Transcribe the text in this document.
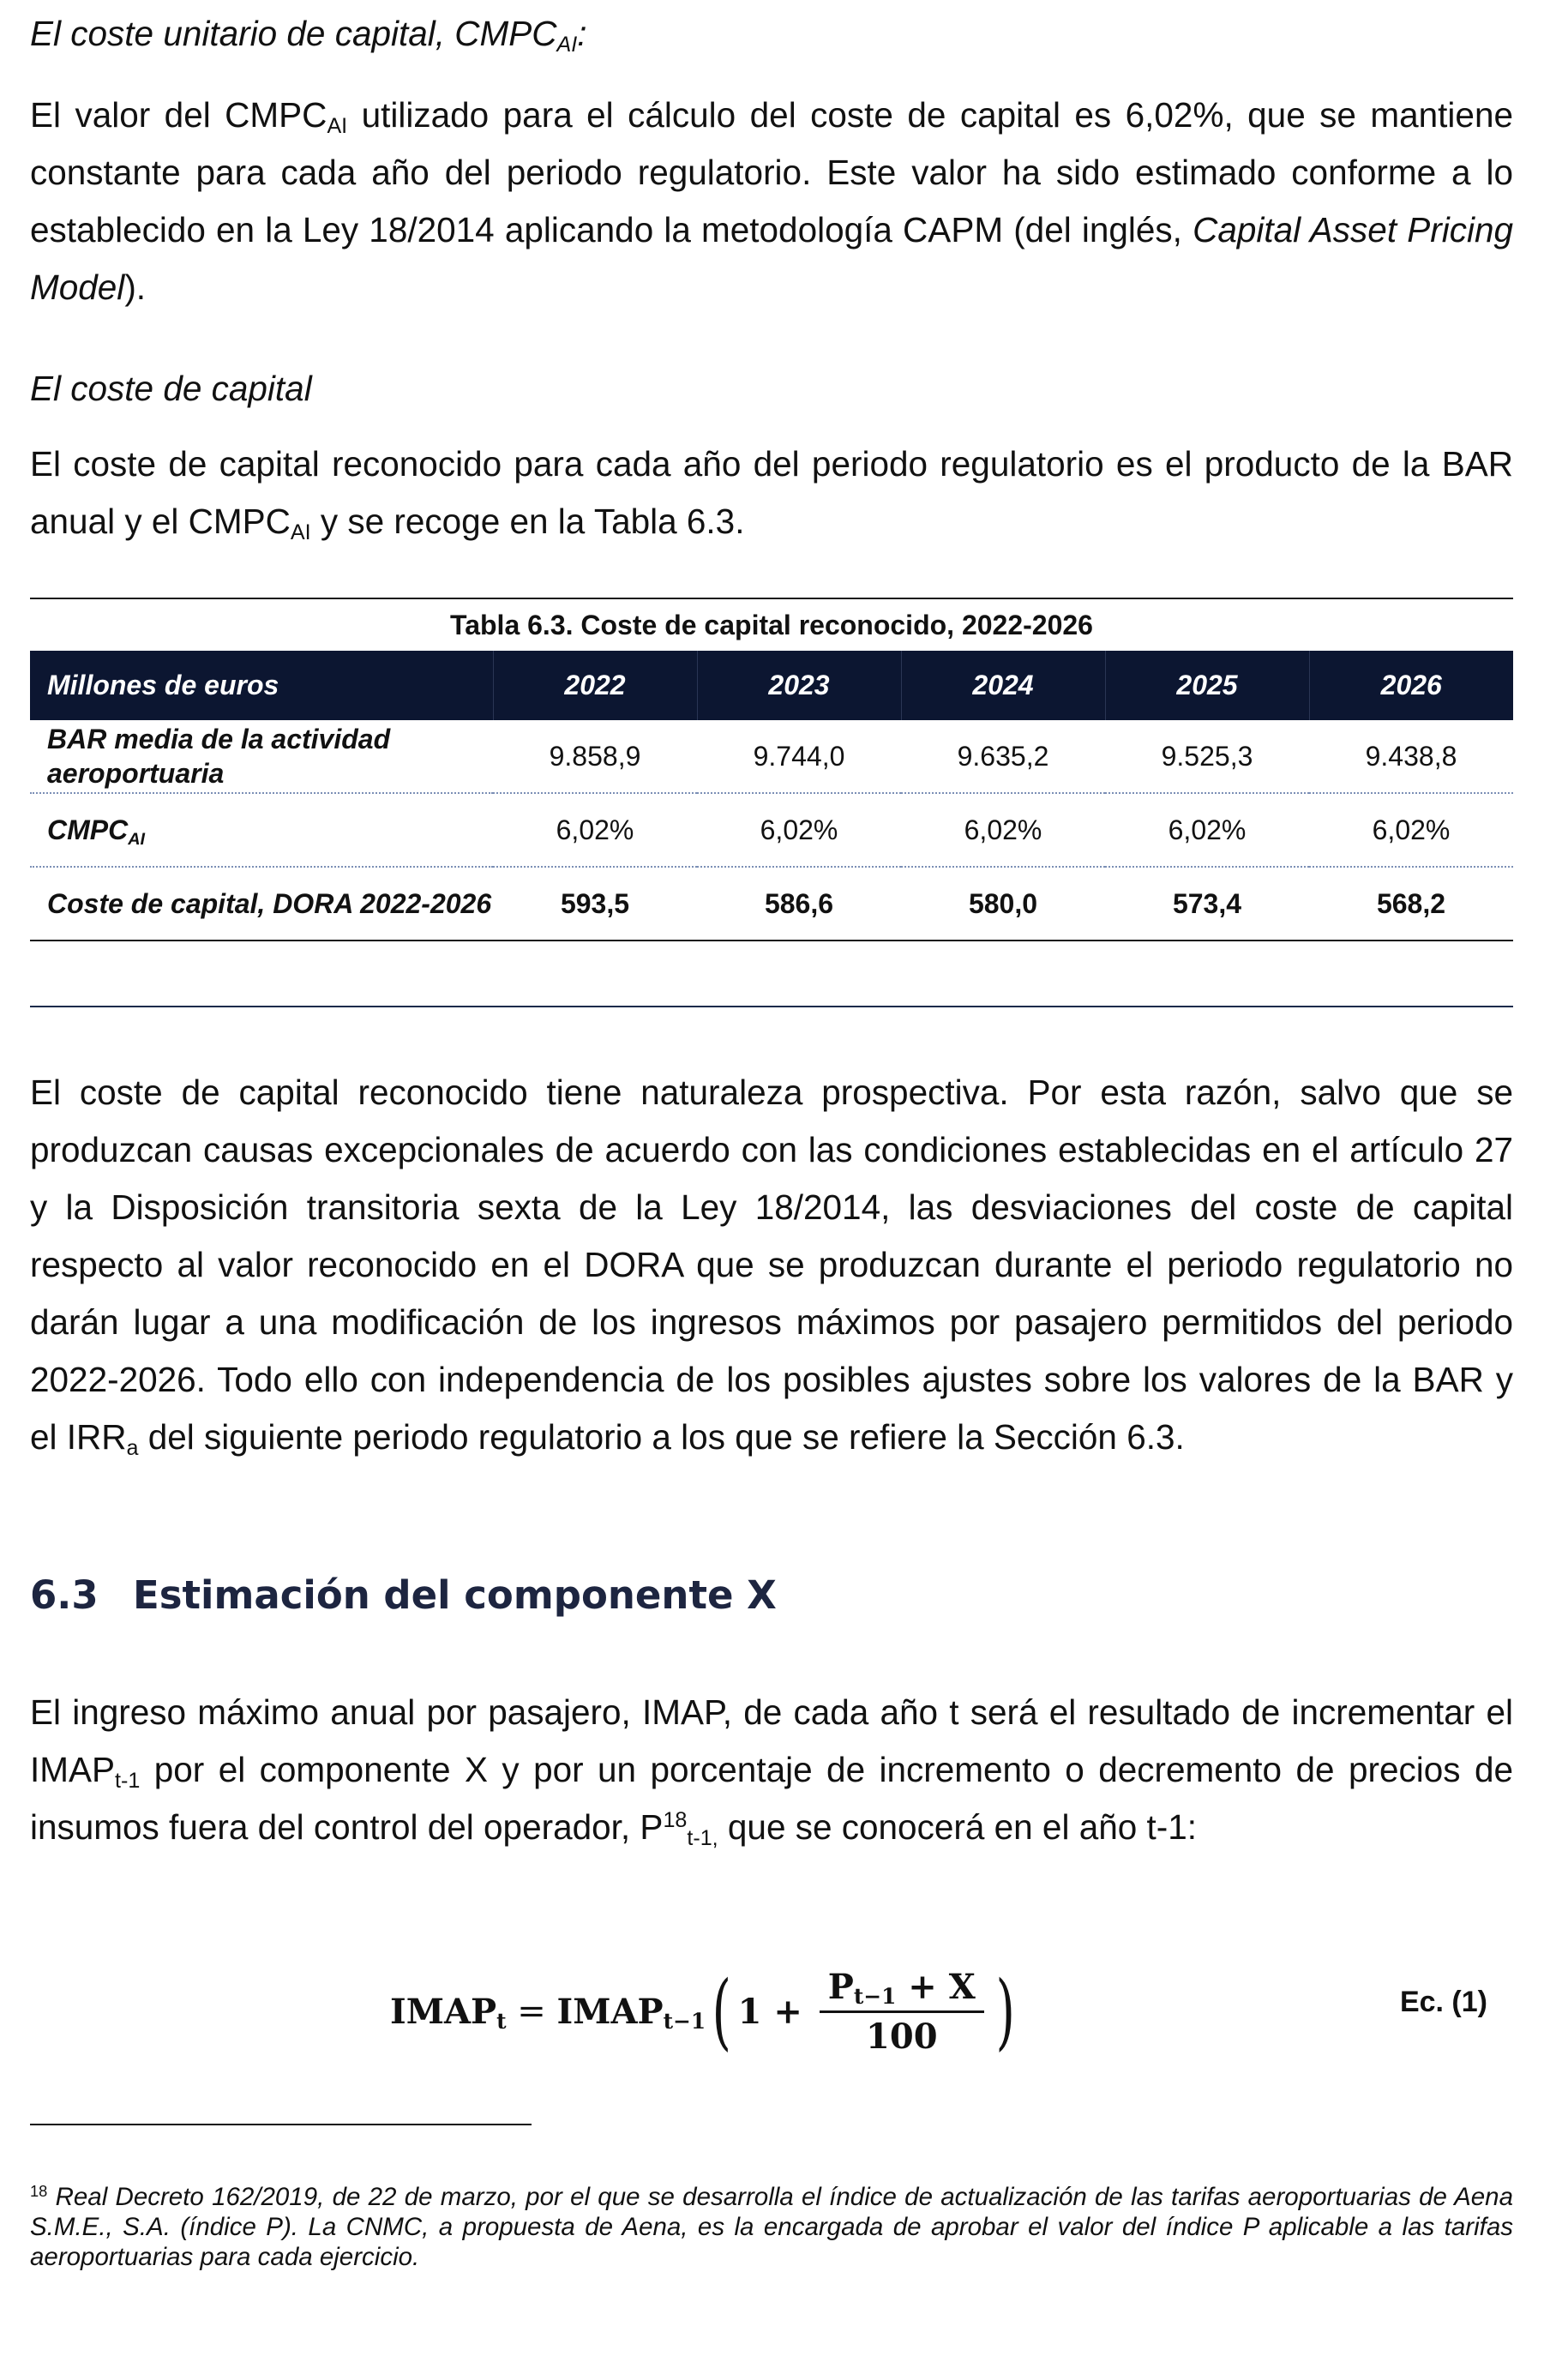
El coste unitario de capital, $CMPC_{AI}$:

El valor del $CMPC_{AI}$ utilizado para el cálculo del coste de capital es 6,02%, que se mantiene constante para cada año del periodo regulatorio. Este valor ha sido estimado conforme a lo establecido en la Ley 18/2014 aplicando la metodología CAPM (del inglés, Capital Asset Pricing Model).

El coste de capital

El coste de capital reconocido para cada año del periodo regulatorio es el producto de la BAR anual y el $CMPC_{AI}$ y se recoge en la Tabla 6.3.

Tabla 6.3. Coste de capital reconocido, 2022-2026
Millones de euros	2022	2023	2024	2025	2026
BAR media de la actividad aeroportuaria	9.858,9	9.744,0	9.635,2	9.525,3	9.438,8
$CMPC_{AI}$	6,02%	6,02%	6,02%	6,02%	6,02%
Coste de capital, DORA 2022-2026	593,5	586,6	580,0	573,4	568,2

El coste de capital reconocido tiene naturaleza prospectiva. Por esta razón, salvo que se produzcan causas excepcionales de acuerdo con las condiciones establecidas en el artículo 27 y la Disposición transitoria sexta de la Ley 18/2014, las desviaciones del coste de capital respecto al valor reconocido en el DORA que se produzcan durante el periodo regulatorio no darán lugar a una modificación de los ingresos máximos por pasajero permitidos del periodo 2022-2026. Todo ello con independencia de los posibles ajustes sobre los valores de la BAR y el $IRR_a$ del siguiente periodo regulatorio a los que se refiere la Sección 6.3.

6.3 Estimación del componente X

El ingreso máximo anual por pasajero, IMAP, de cada año t será el resultado de incrementar el $IMAP_{t-1}$ por el componente X y por un porcentaje de incremento o decremento de precios de insumos fuera del control del operador, $P^{18}_{t-1,}$ que se conocerá en el año t-1:

$IMAP_t$ = $IMAP_{t-1}$ ( $1 + \frac{P_{t-1} + X}{100}$ )	Ec. (1)

$^{18}$ Real Decreto 162/2019, de 22 de marzo, por el que se desarrolla el índice de actualización de las tarifas aeroportuarias de Aena S.M.E., S.A. (índice P). La CNMC, a propuesta de Aena, es la encargada de aprobar el valor del índice P aplicable a las tarifas aeroportuarias para cada ejercicio.
